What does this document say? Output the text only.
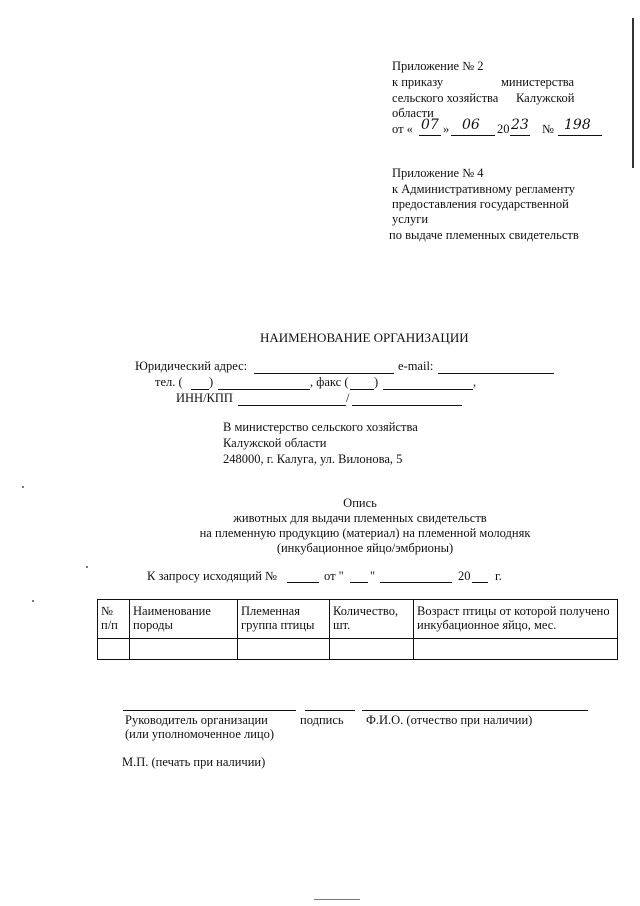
Приложение № 2
к приказу	министерства
сельского хозяйства Калужской
области
от « 07 » 06 20 23 № 198
Приложение № 4
к Административному регламенту
предоставления государственной
услуги
по выдаче племенных свидетельств
НАИМЕНОВАНИЕ ОРГАНИЗАЦИИ
Юридический адрес:	e-mail:
тел. ( )	, факс ( )	,
ИНН/КПП	/
В министерство сельского хозяйства
Калужской области
248000, г. Калуга, ул. Вилонова, 5
Опись
животных для выдачи племенных свидетельств
на племенную продукцию (материал) на племенной молодняк
(инкубационное яйцо/эмбрионы)
К запросу исходящий №	от " "	20 г.
№ п/п	Наименование породы	Племенная группа птицы	Количество, шт.	Возраст птицы от которой получено инкубационное яйцо, мес.

Руководитель организации	подпись Ф.И.О. (отчество при наличии)
(или уполномоченное лицо)
М.П. (печать при наличии)
